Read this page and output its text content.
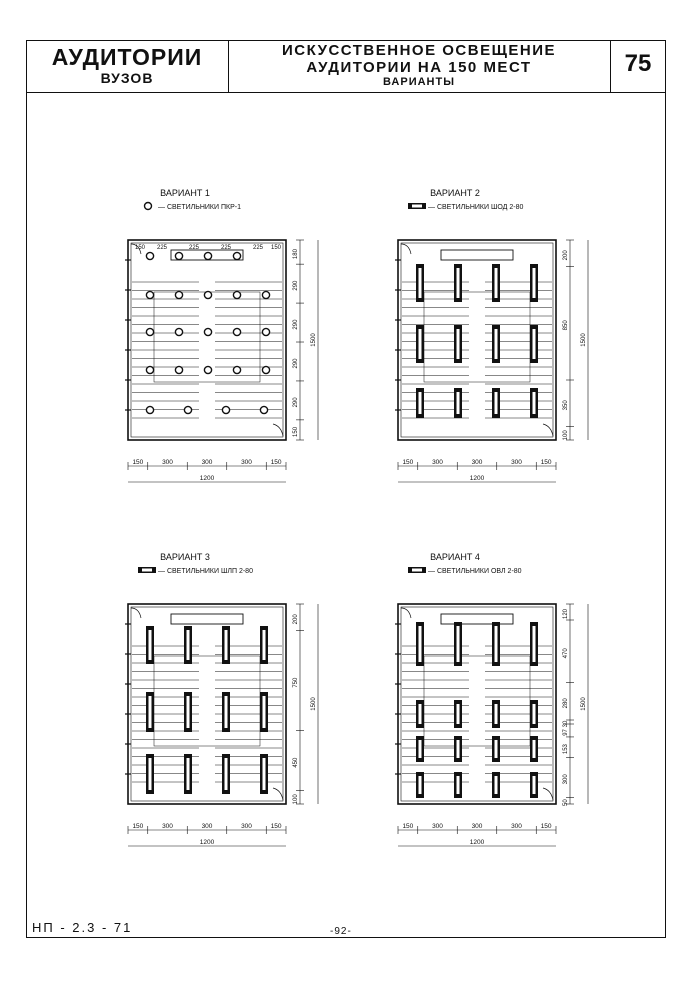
АУДИТОРИИ
ВУЗОВ
ИСКУССТВЕННОЕ ОСВЕЩЕНИЕ
АУДИТОРИИ НА 150 МЕСТ
ВАРИАНТЫ
75
ВАРИАНТ 1
— СВЕТИЛЬНИКИ ПКР-1
150 225	225	225	225 150
180
290
290
290
290
150
1500
150	300	300	300	150
1200
ВАРИАНТ 2
— СВЕТИЛЬНИКИ ШОД 2-80
200
850
350
100
1500
150	300	300	300	150
1200
ВАРИАНТ 3
— СВЕТИЛЬНИКИ ШЛП 2-80
200
750
450
100
1500
150	300	300	300	150
1200
ВАРИАНТ 4
— СВЕТИЛЬНИКИ ОВЛ 2-80
120
470
280
30
97
153
300
50
1500
150	300	300	300	150
1200
НП - 2.3 - 71	-92-
